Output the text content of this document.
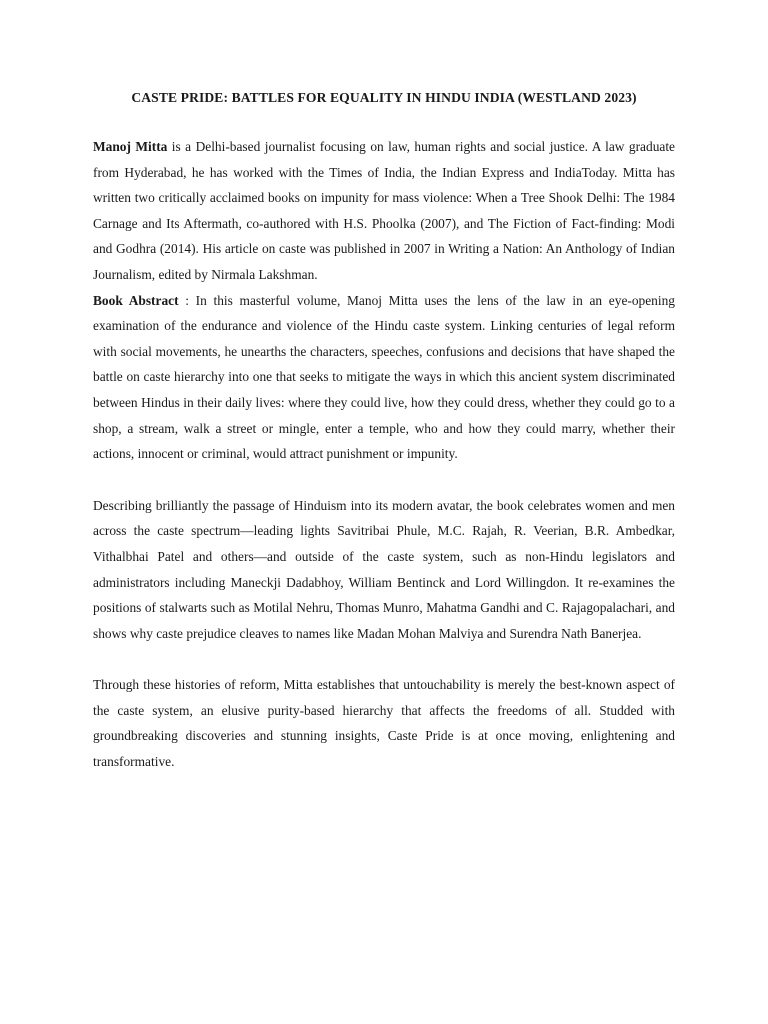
CASTE PRIDE: BATTLES FOR EQUALITY IN HINDU INDIA (WESTLAND 2023)

Manoj Mitta is a Delhi-based journalist focusing on law, human rights and social justice. A law graduate from Hyderabad, he has worked with the Times of India, the Indian Express and IndiaToday. Mitta has written two critically acclaimed books on impunity for mass violence: When a Tree Shook Delhi: The 1984 Carnage and Its Aftermath, co-authored with H.S. Phoolka (2007), and The Fiction of Fact-finding: Modi and Godhra (2014). His article on caste was published in 2007 in Writing a Nation: An Anthology of Indian Journalism, edited by Nirmala Lakshman.

Book Abstract : In this masterful volume, Manoj Mitta uses the lens of the law in an eye-opening examination of the endurance and violence of the Hindu caste system. Linking centuries of legal reform with social movements, he unearths the characters, speeches, confusions and decisions that have shaped the battle on caste hierarchy into one that seeks to mitigate the ways in which this ancient system discriminated between Hindus in their daily lives: where they could live, how they could dress, whether they could go to a shop, a stream, walk a street or mingle, enter a temple, who and how they could marry, whether their actions, innocent or criminal, would attract punishment or impunity.

Describing brilliantly the passage of Hinduism into its modern avatar, the book celebrates women and men across the caste spectrum—leading lights Savitribai Phule, M.C. Rajah, R. Veerian, B.R. Ambedkar, Vithalbhai Patel and others—and outside of the caste system, such as non-Hindu legislators and administrators including Maneckji Dadabhoy, William Bentinck and Lord Willingdon. It re-examines the positions of stalwarts such as Motilal Nehru, Thomas Munro, Mahatma Gandhi and C. Rajagopalachari, and shows why caste prejudice cleaves to names like Madan Mohan Malviya and Surendra Nath Banerjea.

Through these histories of reform, Mitta establishes that untouchability is merely the best-known aspect of the caste system, an elusive purity-based hierarchy that affects the freedoms of all. Studded with groundbreaking discoveries and stunning insights, Caste Pride is at once moving, enlightening and transformative.
